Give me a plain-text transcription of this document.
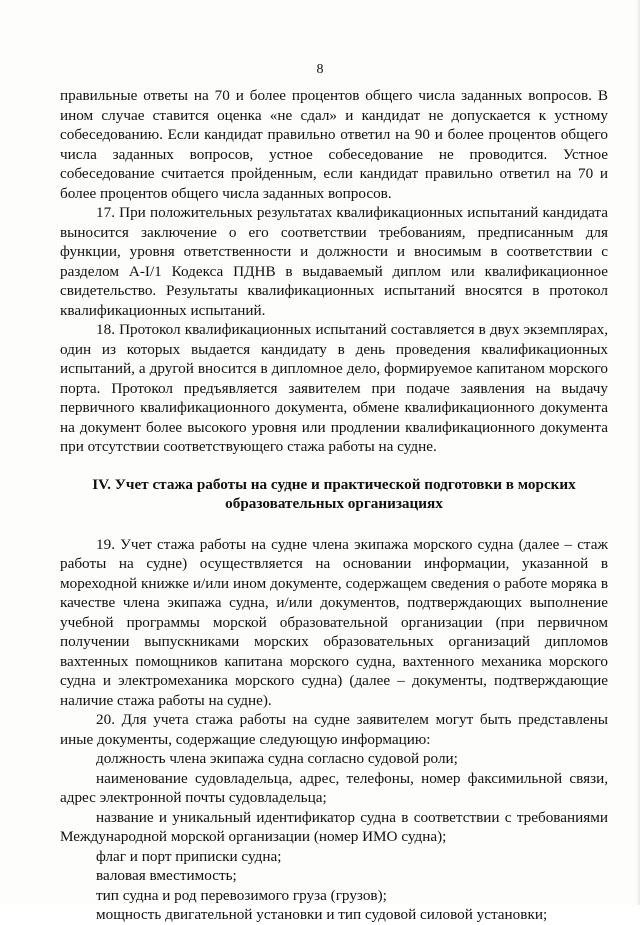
8

правильные ответы на 70 и более процентов общего числа заданных вопросов. В ином случае ставится оценка «не сдал» и кандидат не допускается к устному собеседованию. Если кандидат правильно ответил на 90 и более процентов общего числа заданных вопросов, устное собеседование не проводится. Устное собеседование считается пройденным, если кандидат правильно ответил на 70 и более процентов общего числа заданных вопросов.

17. При положительных результатах квалификационных испытаний кандидата выносится заключение о его соответствии требованиям, предписанным для функции, уровня ответственности и должности и вносимым в соответствии с разделом А-I/1 Кодекса ПДНВ в выдаваемый диплом или квалификационное свидетельство. Результаты квалификационных испытаний вносятся в протокол квалификационных испытаний.

18. Протокол квалификационных испытаний составляется в двух экземплярах, один из которых выдается кандидату в день проведения квалификационных испытаний, а другой вносится в дипломное дело, формируемое капитаном морского порта. Протокол предъявляется заявителем при подаче заявления на выдачу первичного квалификационного документа, обмене квалификационного документа на документ более высокого уровня или продлении квалификационного документа при отсутствии соответствующего стажа работы на судне.

IV. Учет стажа работы на судне и практической подготовки в морских
образовательных организациях

19. Учет стажа работы на судне члена экипажа морского судна (далее – стаж работы на судне) осуществляется на основании информации, указанной в мореходной книжке и/или ином документе, содержащем сведения о работе моряка в качестве члена экипажа судна, и/или документов, подтверждающих выполнение учебной программы морской образовательной организации (при первичном получении выпускниками морских образовательных организаций дипломов вахтенных помощников капитана морского судна, вахтенного механика морского судна и электромеханика морского судна) (далее – документы, подтверждающие наличие стажа работы на судне).

20. Для учета стажа работы на судне заявителем могут быть представлены иные документы, содержащие следующую информацию:

должность члена экипажа судна согласно судовой роли;

наименование судовладельца, адрес, телефоны, номер факсимильной связи, адрес электронной почты судовладельца;

название и уникальный идентификатор судна в соответствии с требованиями Международной морской организации (номер ИМО судна);

флаг и порт приписки судна;

валовая вместимость;

тип судна и род перевозимого груза (грузов);

мощность двигательной установки и тип судовой силовой установки;
